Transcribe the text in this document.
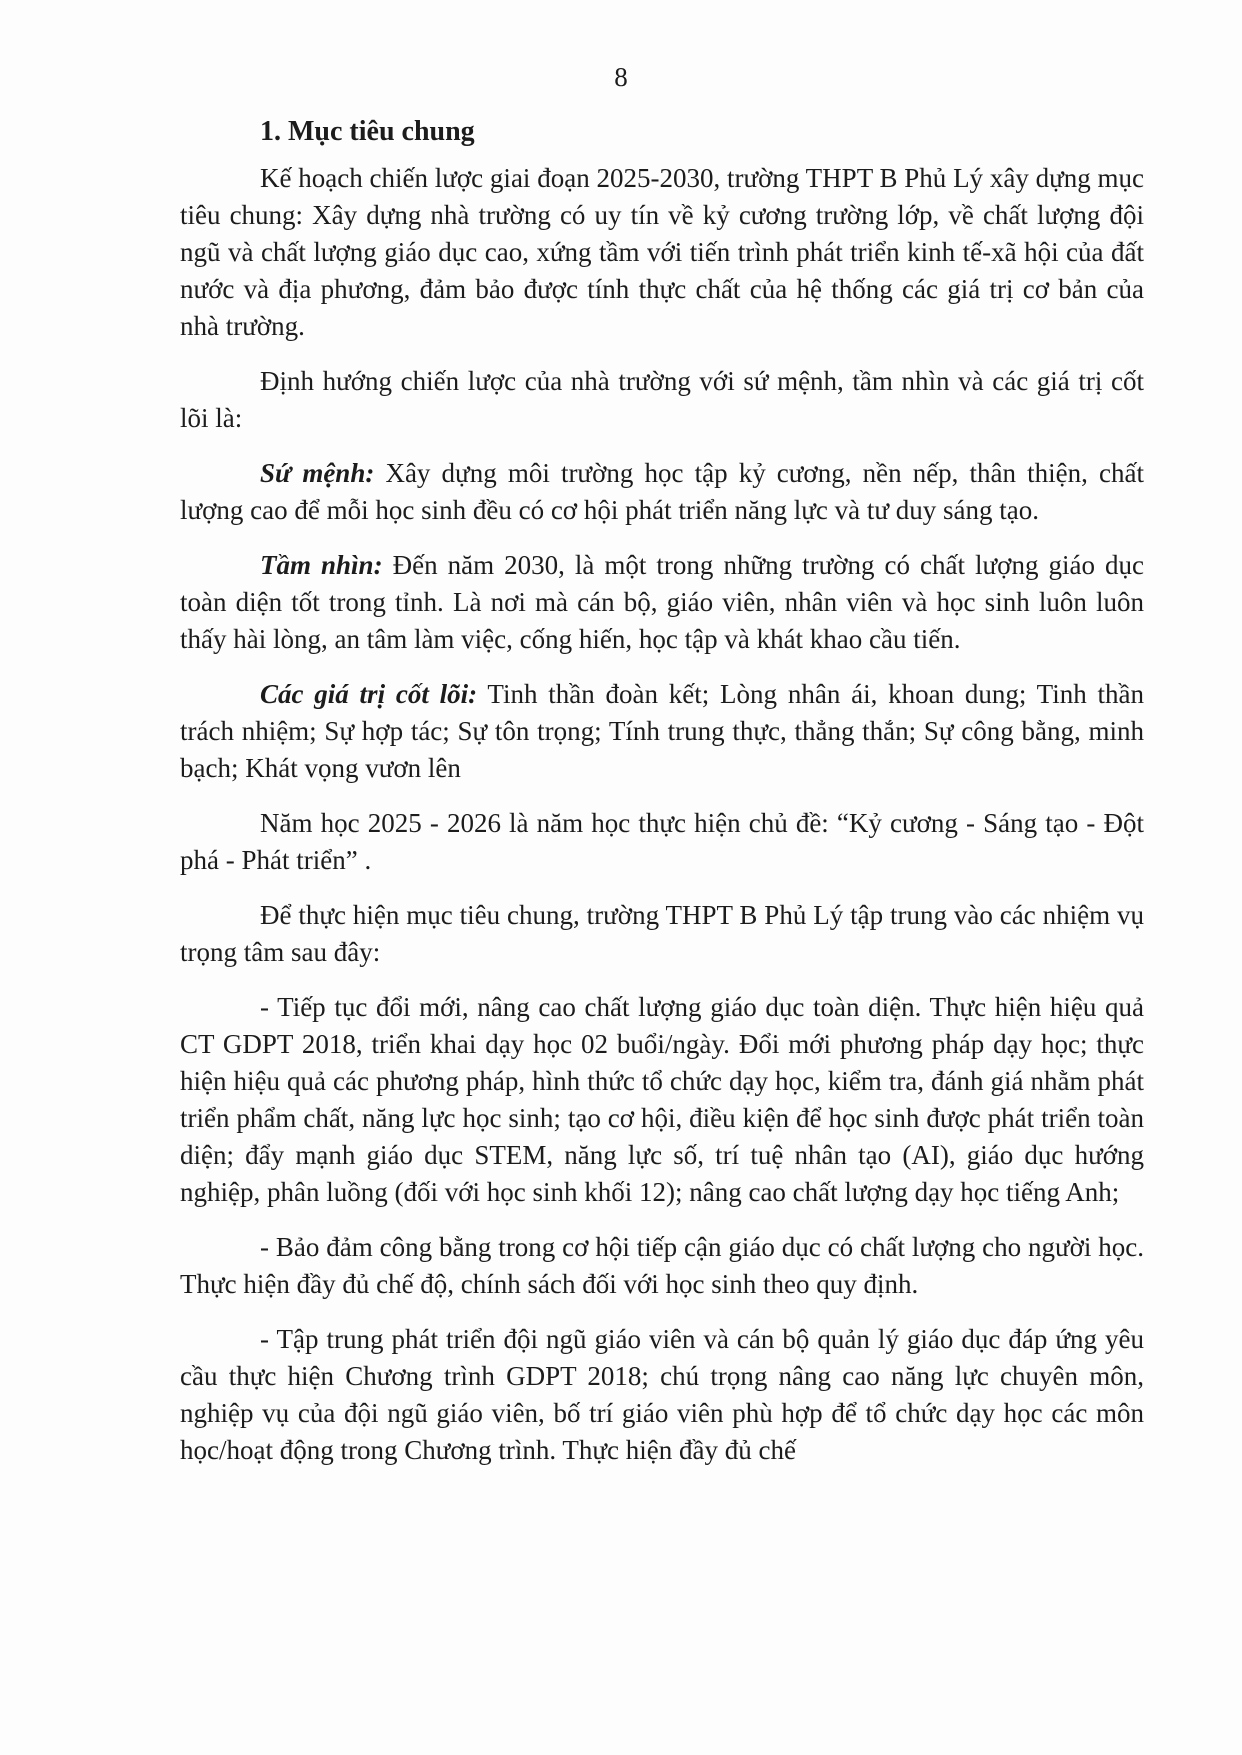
8
1. Mục tiêu chung

Kế hoạch chiến lược giai đoạn 2025-2030, trường THPT B Phủ Lý xây dựng mục tiêu chung: Xây dựng nhà trường có uy tín về kỷ cương trường lớp, về chất lượng đội ngũ và chất lượng giáo dục cao, xứng tầm với tiến trình phát triển kinh tế-xã hội của đất nước và địa phương, đảm bảo được tính thực chất của hệ thống các giá trị cơ bản của nhà trường.

Định hướng chiến lược của nhà trường với sứ mệnh, tầm nhìn và các giá trị cốt lõi là:

Sứ mệnh: Xây dựng môi trường học tập kỷ cương, nền nếp, thân thiện, chất lượng cao để mỗi học sinh đều có cơ hội phát triển năng lực và tư duy sáng tạo.

Tầm nhìn: Đến năm 2030, là một trong những trường có chất lượng giáo dục toàn diện tốt trong tỉnh. Là nơi mà cán bộ, giáo viên, nhân viên và học sinh luôn luôn thấy hài lòng, an tâm làm việc, cống hiến, học tập và khát khao cầu tiến.

Các giá trị cốt lõi: Tinh thần đoàn kết; Lòng nhân ái, khoan dung; Tinh thần trách nhiệm; Sự hợp tác; Sự tôn trọng; Tính trung thực, thẳng thắn; Sự công bằng, minh bạch; Khát vọng vươn lên

Năm học 2025 - 2026 là năm học thực hiện chủ đề: “Kỷ cương - Sáng tạo - Đột phá - Phát triển” .

Để thực hiện mục tiêu chung, trường THPT B Phủ Lý tập trung vào các nhiệm vụ trọng tâm sau đây:

- Tiếp tục đổi mới, nâng cao chất lượng giáo dục toàn diện. Thực hiện hiệu quả CT GDPT 2018, triển khai dạy học 02 buổi/ngày. Đổi mới phương pháp dạy học; thực hiện hiệu quả các phương pháp, hình thức tổ chức dạy học, kiểm tra, đánh giá nhằm phát triển phẩm chất, năng lực học sinh; tạo cơ hội, điều kiện để học sinh được phát triển toàn diện; đẩy mạnh giáo dục STEM, năng lực số, trí tuệ nhân tạo (AI), giáo dục hướng nghiệp, phân luồng (đối với học sinh khối 12); nâng cao chất lượng dạy học tiếng Anh;

- Bảo đảm công bằng trong cơ hội tiếp cận giáo dục có chất lượng cho người học. Thực hiện đầy đủ chế độ, chính sách đối với học sinh theo quy định.

- Tập trung phát triển đội ngũ giáo viên và cán bộ quản lý giáo dục đáp ứng yêu cầu thực hiện Chương trình GDPT 2018; chú trọng nâng cao năng lực chuyên môn, nghiệp vụ của đội ngũ giáo viên, bố trí giáo viên phù hợp để tổ chức dạy học các môn học/hoạt động trong Chương trình. Thực hiện đầy đủ chế
